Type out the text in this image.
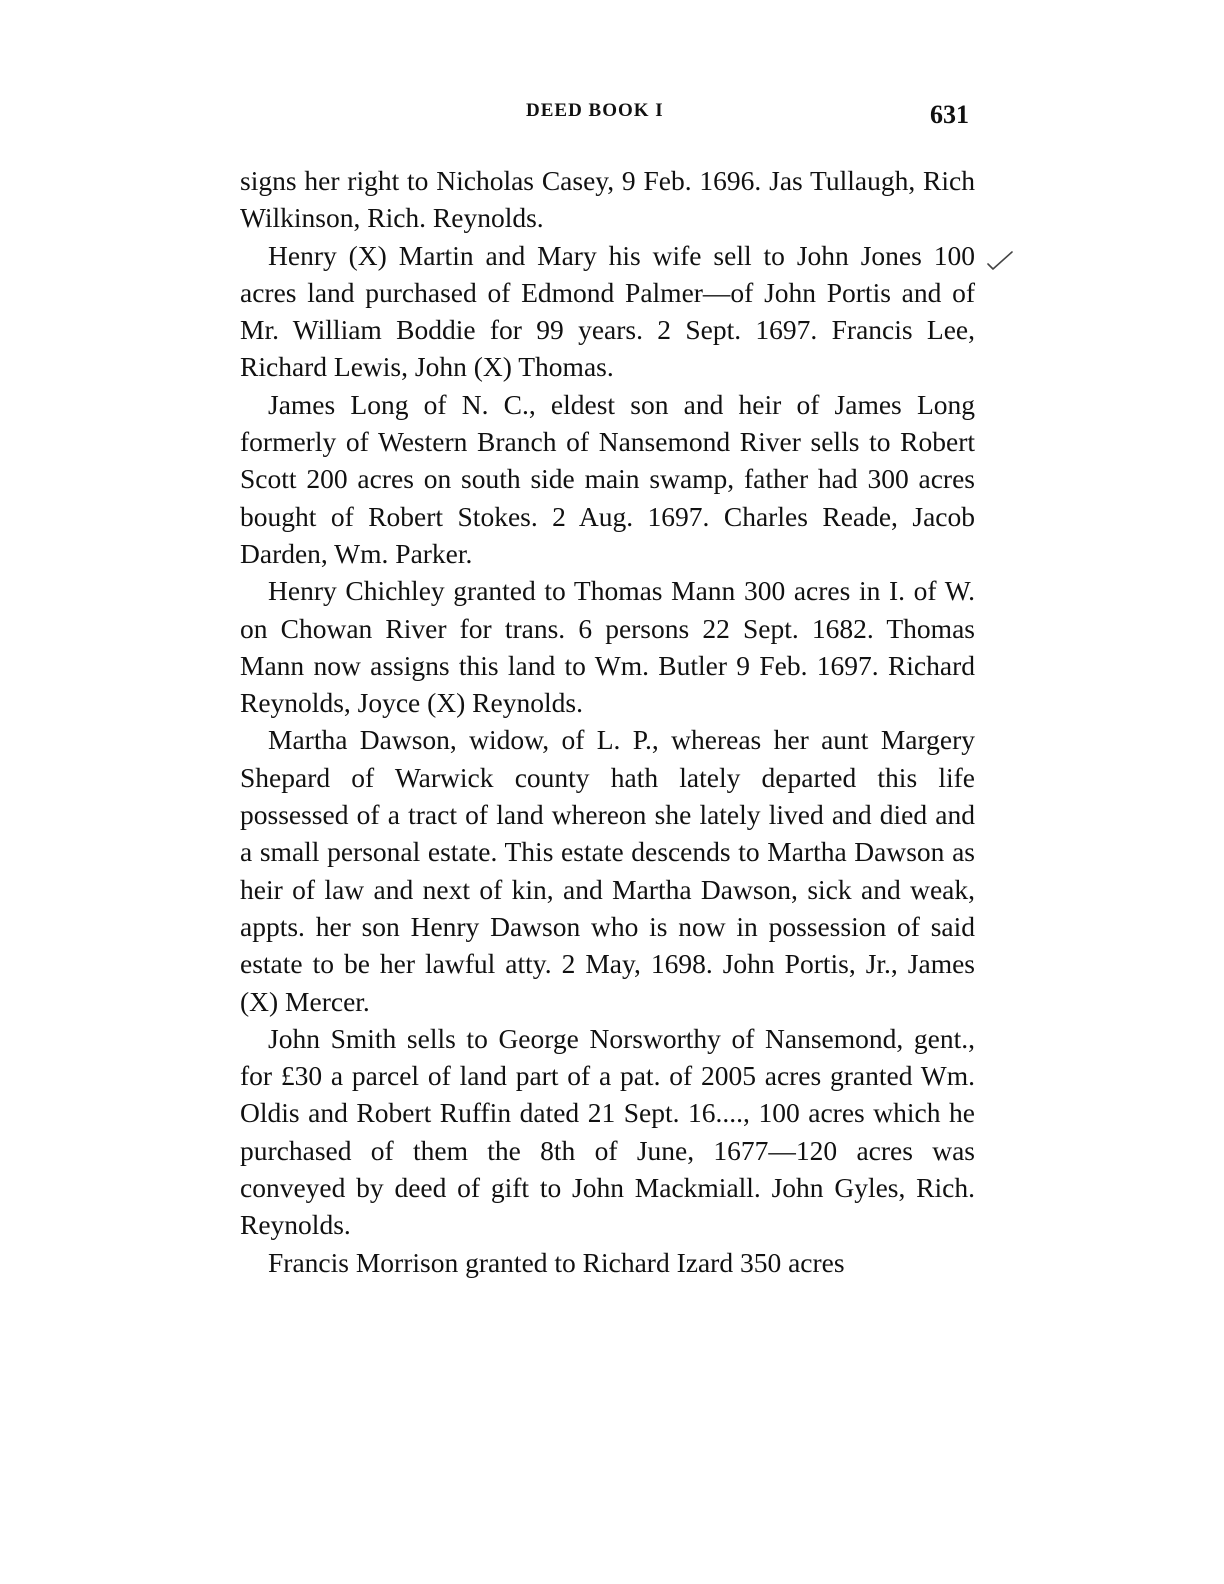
DEED BOOK I	631

signs her right to Nicholas Casey, 9 Feb. 1696. Jas Tullaugh, Rich Wilkinson, Rich. Reynolds.

Henry (X) Martin and Mary his wife sell to John Jones 100 acres land purchased of Edmond Palmer—of John Portis and of Mr. William Boddie for 99 years. 2 Sept. 1697. Francis Lee, Richard Lewis, John (X) Thomas.

James Long of N. C., eldest son and heir of James Long formerly of Western Branch of Nansemond River sells to Robert Scott 200 acres on south side main swamp, father had 300 acres bought of Robert Stokes. 2 Aug. 1697. Charles Reade, Jacob Darden, Wm. Parker.

Henry Chichley granted to Thomas Mann 300 acres in I. of W. on Chowan River for trans. 6 persons 22 Sept. 1682. Thomas Mann now assigns this land to Wm. Butler 9 Feb. 1697. Richard Reynolds, Joyce (X) Reynolds.

Martha Dawson, widow, of L. P., whereas her aunt Margery Shepard of Warwick county hath lately departed this life possessed of a tract of land whereon she lately lived and died and a small personal estate. This estate descends to Martha Dawson as heir of law and next of kin, and Martha Dawson, sick and weak, appts. her son Henry Dawson who is now in possession of said estate to be her lawful atty. 2 May, 1698. John Portis, Jr., James (X) Mercer.

John Smith sells to George Norsworthy of Nansemond, gent., for £30 a parcel of land part of a pat. of 2005 acres granted Wm. Oldis and Robert Ruffin dated 21 Sept. 16...., 100 acres which he purchased of them the 8th of June, 1677—120 acres was conveyed by deed of gift to John Mackmiall. John Gyles, Rich. Reynolds.

Francis Morrison granted to Richard Izard 350 acres
